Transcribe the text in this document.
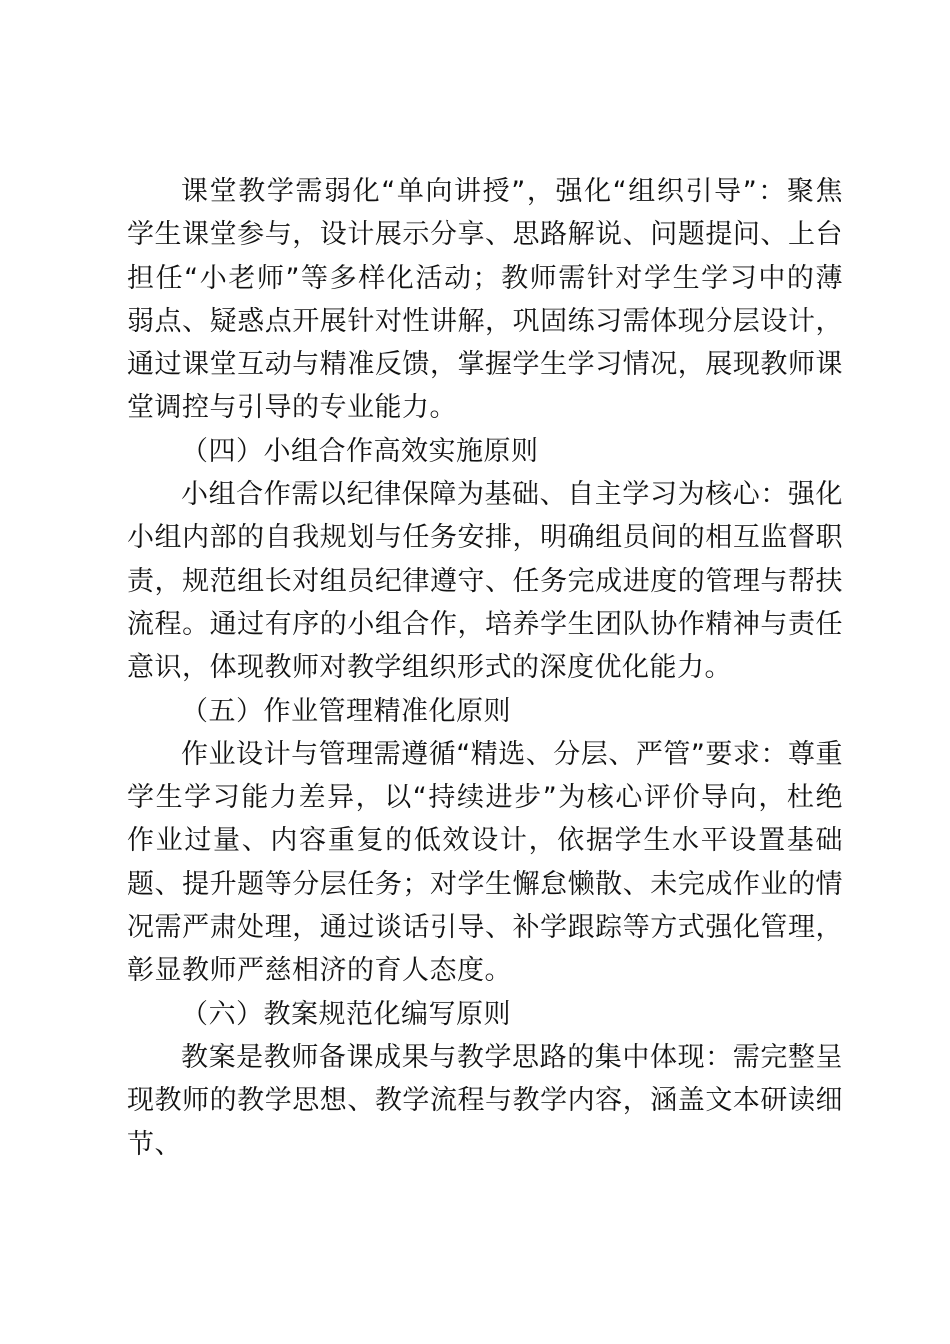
课堂教学需弱化“单向讲授”，强化“组织引导”：聚焦学生课堂参与，设计展示分享、思路解说、问题提问、上台担任“小老师”等多样化活动；教师需针对学生学习中的薄弱点、疑惑点开展针对性讲解，巩固练习需体现分层设计，通过课堂互动与精准反馈，掌握学生学习情况，展现教师课堂调控与引导的专业能力。

（四）小组合作高效实施原则

小组合作需以纪律保障为基础、自主学习为核心：强化小组内部的自我规划与任务安排，明确组员间的相互监督职责，规范组长对组员纪律遵守、任务完成进度的管理与帮扶流程。通过有序的小组合作，培养学生团队协作精神与责任意识，体现教师对教学组织形式的深度优化能力。

（五）作业管理精准化原则

作业设计与管理需遵循“精选、分层、严管”要求：尊重学生学习能力差异，以“持续进步”为核心评价导向，杜绝作业过量、内容重复的低效设计，依据学生水平设置基础题、提升题等分层任务；对学生懈怠懒散、未完成作业的情况需严肃处理，通过谈话引导、补学跟踪等方式强化管理，彰显教师严慈相济的育人态度。

（六）教案规范化编写原则

教案是教师备课成果与教学思路的集中体现：需完整呈现教师的教学思想、教学流程与教学内容，涵盖文本研读细节、
